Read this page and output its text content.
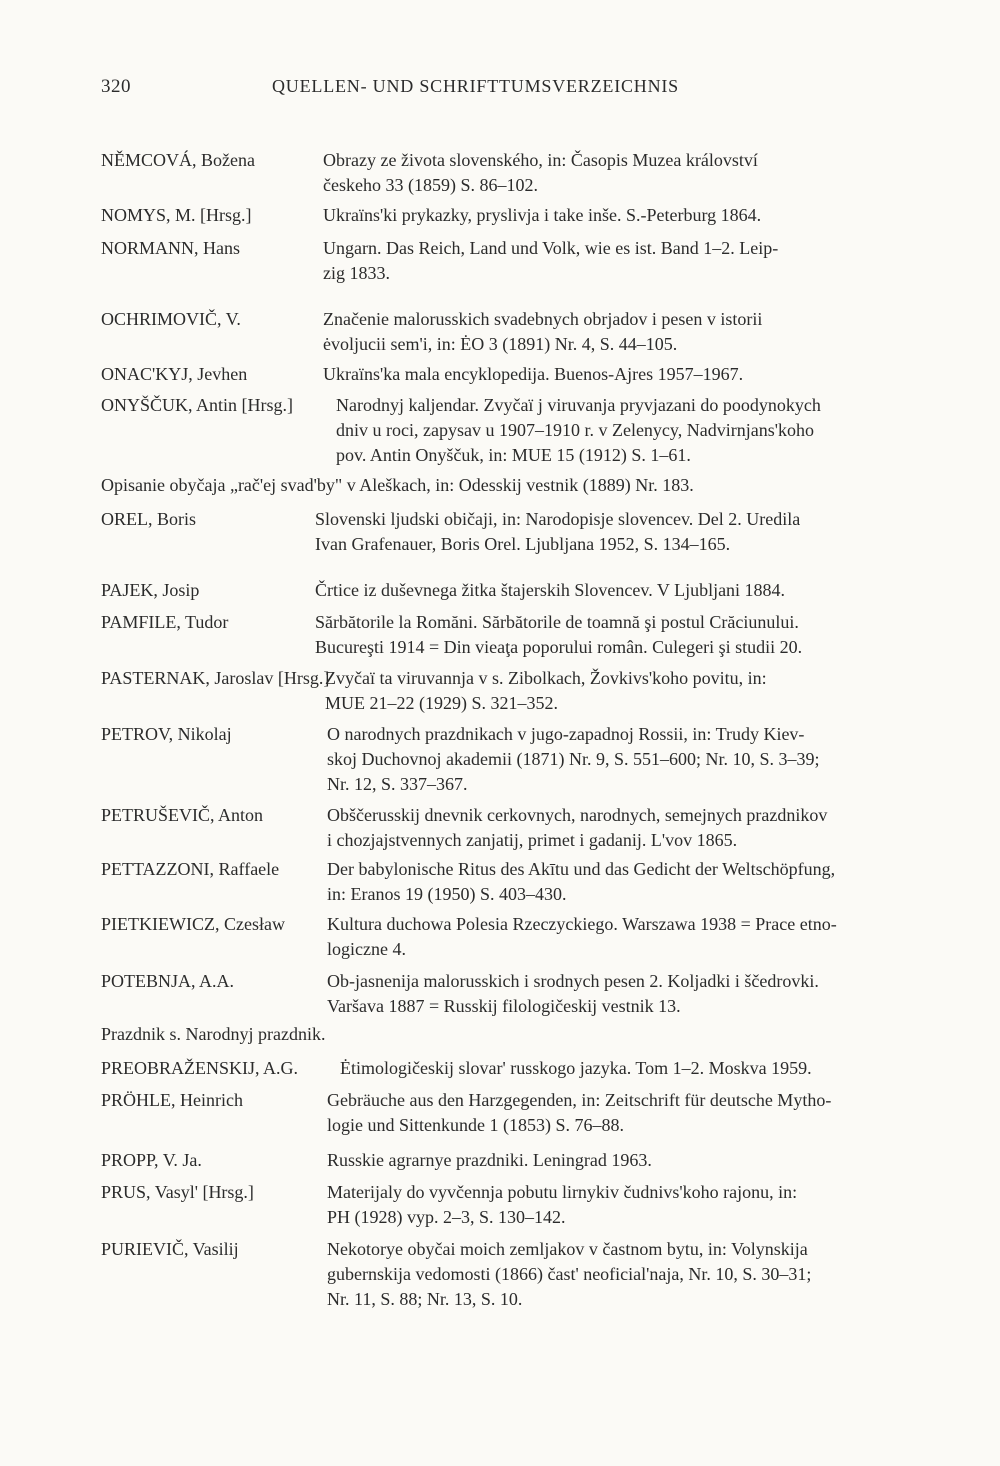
320	QUELLEN- UND SCHRIFTTUMSVERZEICHNIS
NĚMCOVÁ, Božena	Obrazy ze života slovenského, in: Časopis Muzea království
českeho 33 (1859) S. 86–102.
NOMYS, M. [Hrsg.]	Ukraïns'ki prykazky, pryslivja i take inše. S.-Peterburg 1864.
NORMANN, Hans	Ungarn. Das Reich, Land und Volk, wie es ist. Band 1–2. Leip-
zig 1833.
OCHRIMOVIČ, V.	Značenie malorusskich svadebnych obrjadov i pesen v istorii
ėvoljucii sem'i, in: ĖO 3 (1891) Nr. 4, S. 44–105.
ONAC'KYJ, Jevhen	Ukraïns'ka mala encyklopedija. Buenos-Ajres 1957–1967.
ONYŠČUK, Antin [Hrsg.] Narodnyj kaljendar. Zvyčaï j viruvanja pryvjazani do poodynokych
dniv u roci, zapysav u 1907–1910 r. v Zelenycy, Nadvirnjans'koho
pov. Antin Onyščuk, in: MUE 15 (1912) S. 1–61.
Opisanie obyčaja „rač'ej svad'by" v Aleškach, in: Odesskij vestnik (1889) Nr. 183.
OREL, Boris	Slovenski ljudski običaji, in: Narodopisje slovencev. Del 2. Uredila
Ivan Grafenauer, Boris Orel. Ljubljana 1952, S. 134–165.
PAJEK, Josip	Črtice iz duševnega žitka štajerskih Slovencev. V Ljubljani 1884.
PAMFILE, Tudor	Sărbătorile la Romăni. Sărbătorile de toamnă şi postul Crăciunului.
Bucureşti 1914 = Din vieaţa poporului român. Culegeri şi studii 20.
PASTERNAK, Jaroslav [Hrsg.]
Zvyčaï ta viruvannja v s. Zibolkach, Žovkivs'koho povitu, in:
MUE 21–22 (1929) S. 321–352.
PETROV, Nikolaj	O narodnych prazdnikach v jugo-zapadnoj Rossii, in: Trudy Kiev-
skoj Duchovnoj akademii (1871) Nr. 9, S. 551–600; Nr. 10, S. 3–39;
Nr. 12, S. 337–367.
PETRUŠEVIČ, Anton	Obščerusskij dnevnik cerkovnych, narodnych, semejnych prazdnikov
i chozjajstvennych zanjatij, primet i gadanij. L'vov 1865.
PETTAZZONI, Raffaele	Der babylonische Ritus des Akītu und das Gedicht der Weltschöpfung,
in: Eranos 19 (1950) S. 403–430.
PIETKIEWICZ, Czesław Kultura duchowa Polesia Rzeczyckiego. Warszawa 1938 = Prace etno-
logiczne 4.
POTEBNJA, A.A.	Ob-jasnenija malorusskich i srodnych pesen 2. Koljadki i ščedrovki.
Varšava 1887 = Russkij filologičeskij vestnik 13.
Prazdnik s. Narodnyj prazdnik.
PREOBRAŽENSKIJ, A.G. Ėtimologičeskij slovar' russkogo jazyka. Tom 1–2. Moskva 1959.
PRÖHLE, Heinrich	Gebräuche aus den Harzgegenden, in: Zeitschrift für deutsche Mytho-
logie und Sittenkunde 1 (1853) S. 76–88.
PROPP, V. Ja.	Russkie agrarnye prazdniki. Leningrad 1963.
PRUS, Vasyl' [Hrsg.]	Materijaly do vyvčennja pobutu lirnykiv čudnivs'koho rajonu, in:
PH (1928) vyp. 2–3, S. 130–142.
PURIEVIČ, Vasilij	Nekotorye obyčai moich zemljakov v častnom bytu, in: Volynskija
gubernskija vedomosti (1866) čast' neoficial'naja, Nr. 10, S. 30–31;
Nr. 11, S. 88; Nr. 13, S. 10.
